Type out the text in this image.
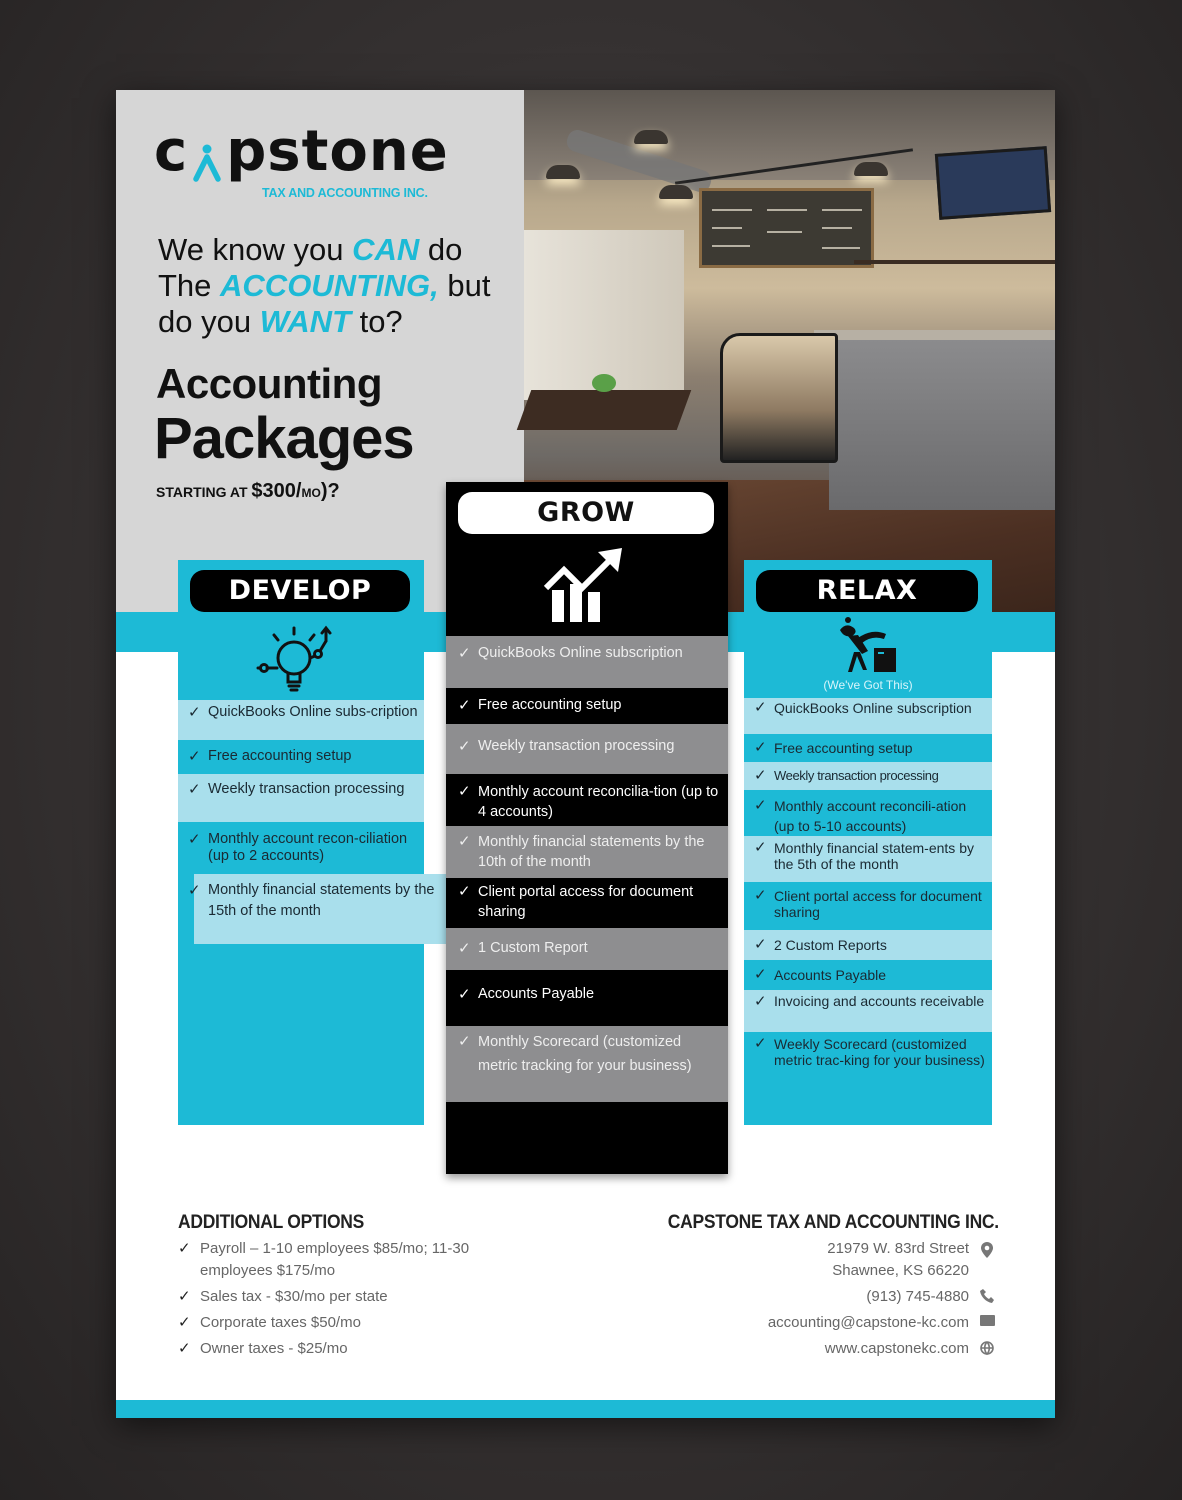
c pstone
TAX AND ACCOUNTING INC.
We know you CAN do
The ACCOUNTING, but
do you WANT to?
Accounting
Packages
STARTING AT $300/MO)?
DEVELOP
✓ QuickBooks Online subs-cription
✓ Free accounting setup
✓ Weekly transaction processing
✓ Monthly account recon-ciliation (up to 2 accounts)
✓ Monthly financial statements by the 15th of the month
RELAX
(We've Got This)
✓ QuickBooks Online subscription
✓ Free accounting setup
✓ Weekly transaction processing
✓ Monthly account reconcili-ation (up to 5-10 accounts)
✓ Monthly financial statem-ents by the 5th of the month
✓ Client portal access for document sharing
✓ 2 Custom Reports
✓ Accounts Payable
✓ Invoicing and accounts receivable
✓ Weekly Scorecard (customized metric trac-king for your business)
GROW
✓ QuickBooks Online subscription
✓ Free accounting setup
✓ Weekly transaction processing
✓ Monthly account reconcilia-tion (up to 4 accounts)
✓ Monthly financial statements by the 10th of the month
✓ Client portal access for document sharing
✓ 1 Custom Report
✓ Accounts Payable
✓ Monthly Scorecard (customized metric tracking for your business)
ADDITIONAL OPTIONS
✓ Payroll – 1-10 employees $85/mo; 11-30 employees $175/mo
✓ Sales tax - $30/mo per state
✓ Corporate taxes $50/mo
✓ Owner taxes - $25/mo
CAPSTONE TAX AND ACCOUNTING INC.
21979 W. 83rd Street
Shawnee, KS 66220
(913) 745-4880
accounting@capstone-kc.com
www.capstonekc.com
